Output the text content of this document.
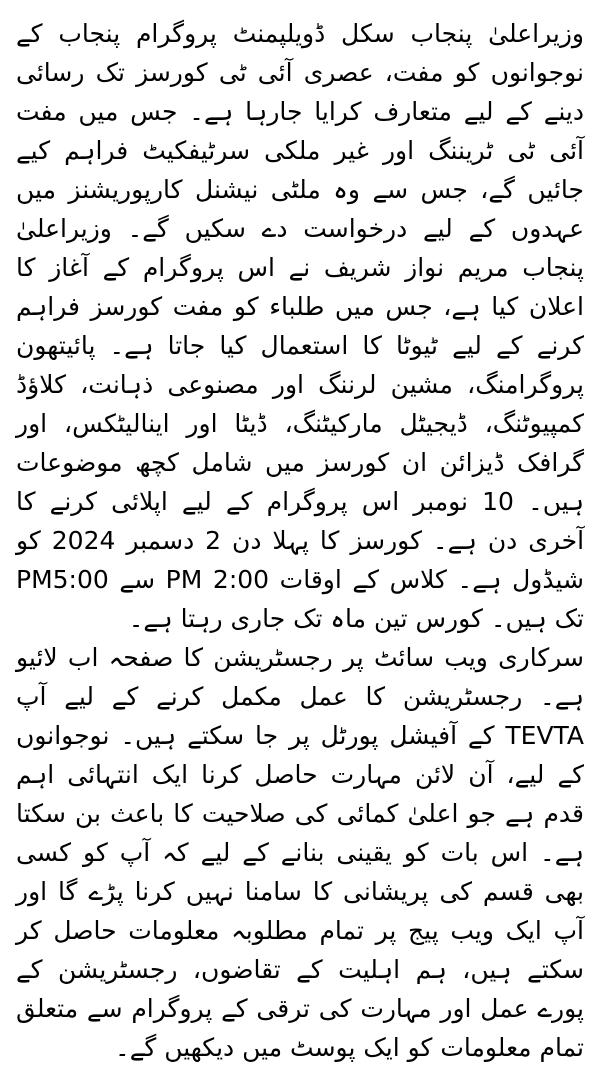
وزیراعلیٰ پنجاب سکل ڈویلپمنٹ پروگرام پنجاب کے نوجوانوں کو مفت، عصری آئی ٹی کورسز تک رسائی دینے کے لیے متعارف کرایا جارہا ہے۔ جس میں مفت آئی ٹی ٹریننگ اور غیر ملکی سرٹیفکیٹ فراہم کیے جائیں گے، جس سے وہ ملٹی نیشنل کارپوریشنز میں عہدوں کے لیے درخواست دے سکیں گے۔ وزیراعلیٰ پنجاب مریم نواز شریف نے اس پروگرام کے آغاز کا اعلان کیا ہے، جس میں طلباء کو مفت کورسز فراہم کرنے کے لیے ٹیوٹا کا استعمال کیا جاتا ہے۔ پائیتھون پروگرامنگ، مشین لرننگ اور مصنوعی ذہانت، کلاؤڈ کمپیوٹنگ، ڈیجیٹل مارکیٹنگ، ڈیٹا اور اینالیٹکس، اور گرافک ڈیزائن ان کورسز میں شامل کچھ موضوعات ہیں۔ 10 نومبر اس پروگرام کے لیے اپلائی کرنے کا آخری دن ہے۔ کورسز کا پہلا دن 2 دسمبر 2024 کو شیڈول ہے۔ کلاس کے اوقات 2:00 PM سے PM5:00 تک ہیں۔ کورس تین ماہ تک جاری رہتا ہے۔

سرکاری ویب سائٹ پر رجسٹریشن کا صفحہ اب لائیو ہے۔ رجسٹریشن کا عمل مکمل کرنے کے لیے آپ TEVTA کے آفیشل پورٹل پر جا سکتے ہیں۔ نوجوانوں کے لیے، آن لائن مہارت حاصل کرنا ایک انتہائی اہم قدم ہے جو اعلیٰ کمائی کی صلاحیت کا باعث بن سکتا ہے۔ اس بات کو یقینی بنانے کے لیے کہ آپ کو کسی بھی قسم کی پریشانی کا سامنا نہیں کرنا پڑے گا اور آپ ایک ویب پیج پر تمام مطلوبہ معلومات حاصل کر سکتے ہیں، ہم اہلیت کے تقاضوں، رجسٹریشن کے پورے عمل اور مہارت کی ترقی کے پروگرام سے متعلق تمام معلومات کو ایک پوسٹ میں دیکھیں گے۔
